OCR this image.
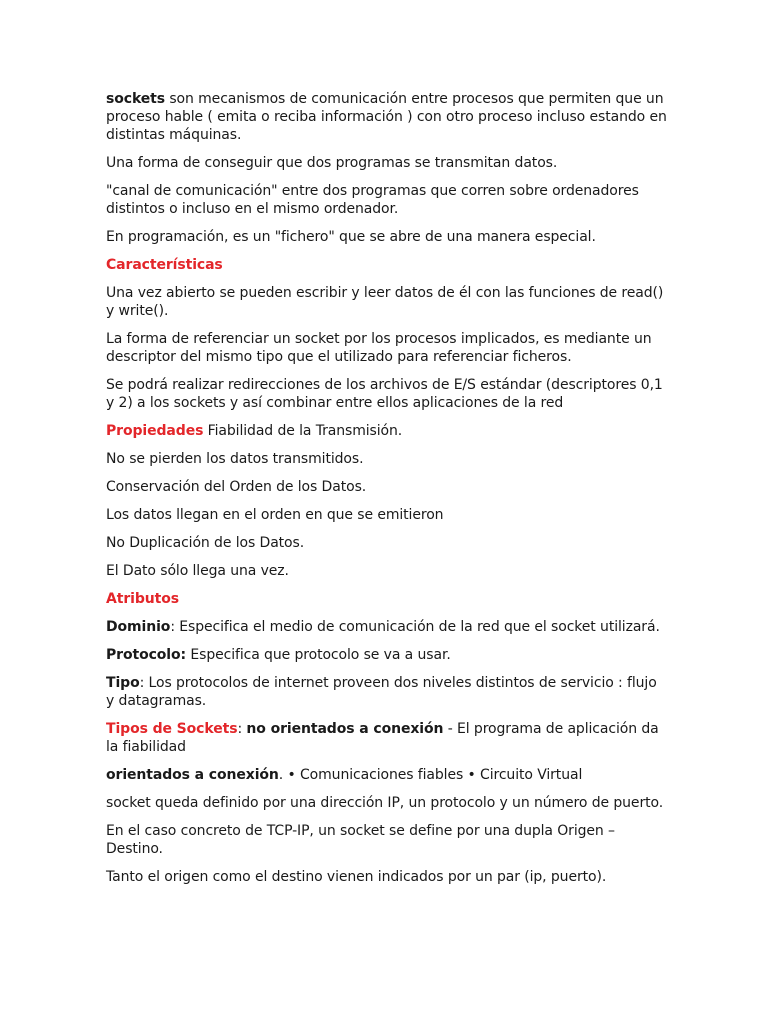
sockets son mecanismos de comunicación entre procesos que permiten que un proceso hable ( emita o reciba información ) con otro proceso incluso estando en distintas máquinas.

Una forma de conseguir que dos programas se transmitan datos.

"canal de comunicación" entre dos programas que corren sobre ordenadores distintos o incluso en el mismo ordenador.

En programación, es un "fichero" que se abre de una manera especial.

Características

Una vez abierto se pueden escribir y leer datos de él con las funciones de read() y write().

La forma de referenciar un socket por los procesos implicados, es mediante un descriptor del mismo tipo que el utilizado para referenciar ficheros.

Se podrá realizar redirecciones de los archivos de E/S estándar (descriptores 0,1 y 2) a los sockets y así combinar entre ellos aplicaciones de la red

Propiedades Fiabilidad de la Transmisión.

No se pierden los datos transmitidos.

Conservación del Orden de los Datos.

Los datos llegan en el orden en que se emitieron

No Duplicación de los Datos.

El Dato sólo llega una vez.

Atributos

Dominio: Especifica el medio de comunicación de la red que el socket utilizará.

Protocolo: Especifica que protocolo se va a usar.

Tipo: Los protocolos de internet proveen dos niveles distintos de servicio : flujo y datagramas.

Tipos de Sockets: no orientados a conexión - El programa de aplicación da la fiabilidad

orientados a conexión. • Comunicaciones fiables • Circuito Virtual

socket queda definido por una dirección IP, un protocolo y un número de puerto.

En el caso concreto de TCP-IP, un socket se define por una dupla Origen – Destino.

Tanto el origen como el destino vienen indicados por un par (ip, puerto).
